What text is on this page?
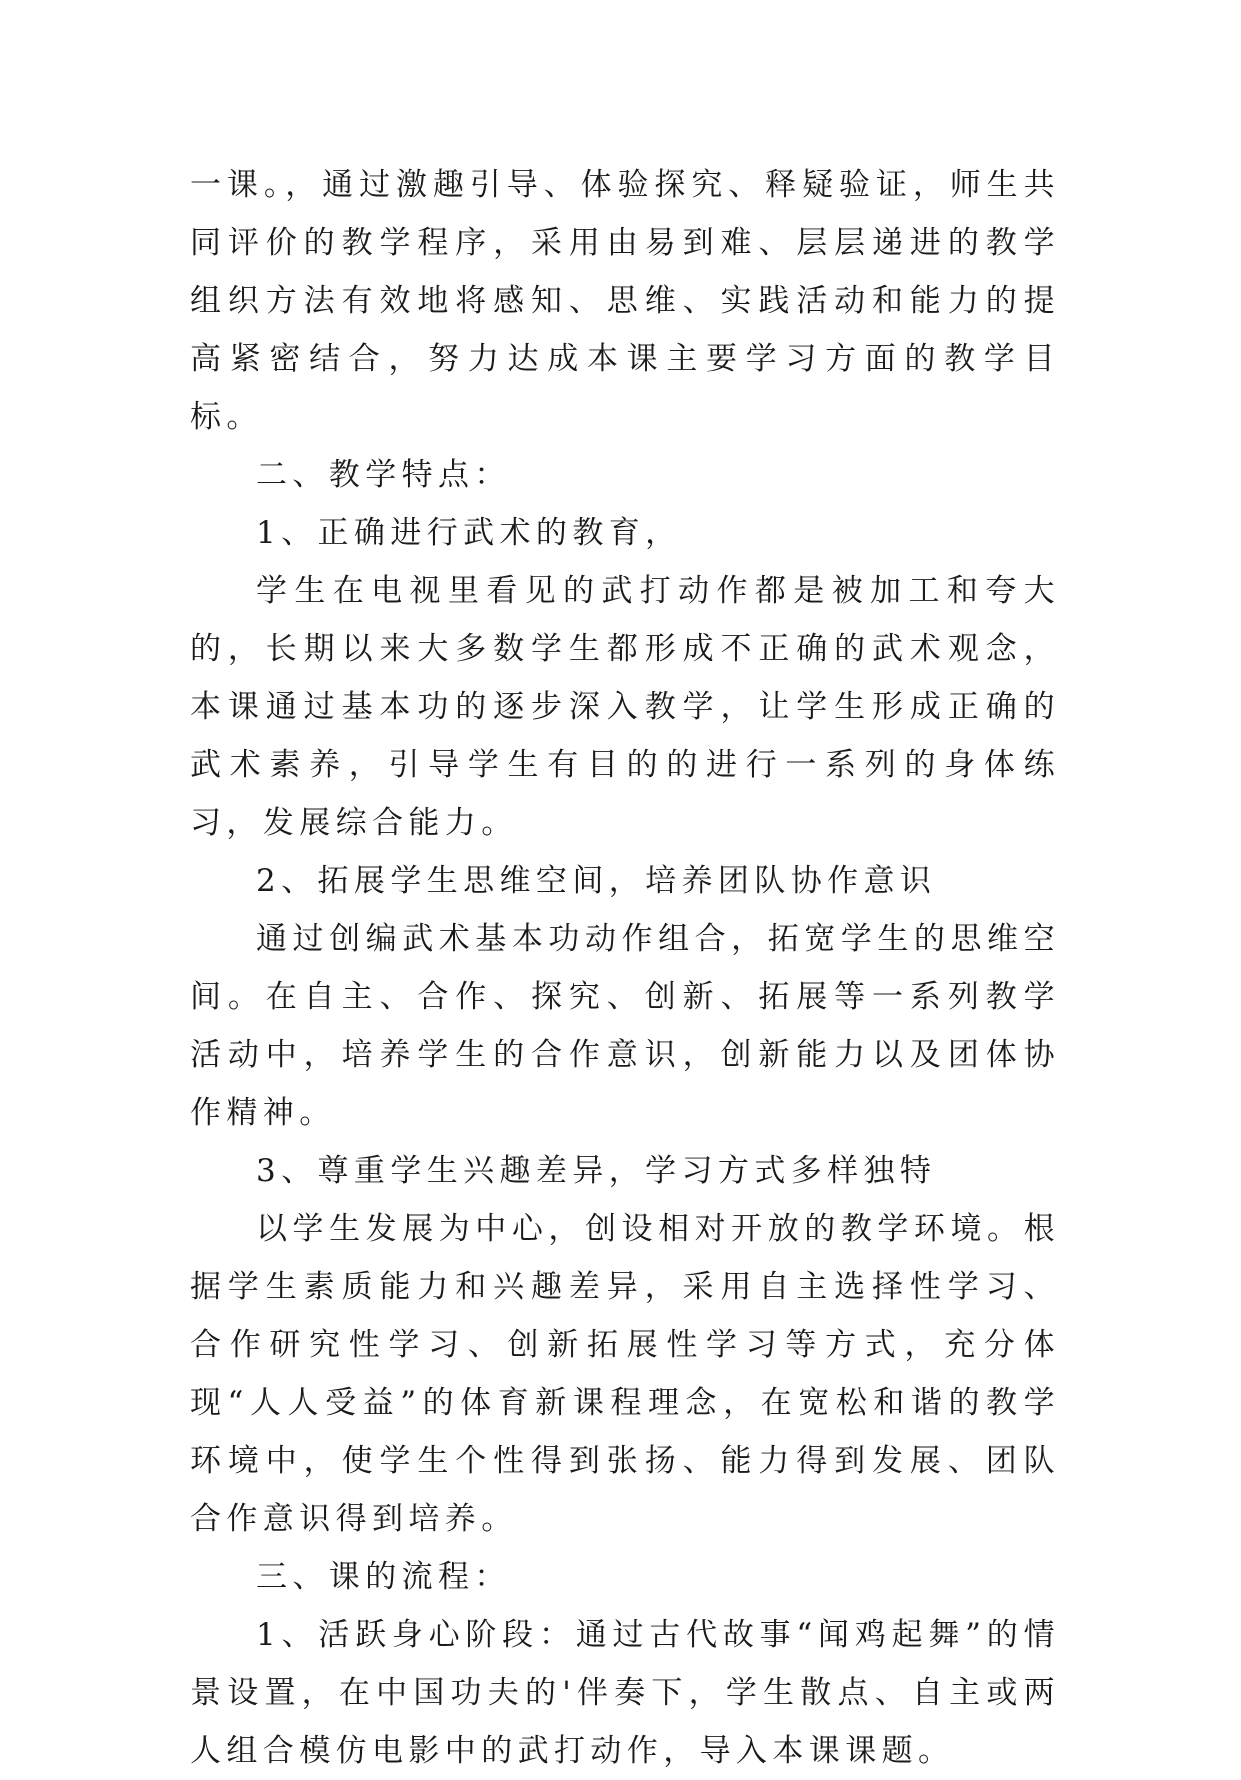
一课。，通过激趣引导、体验探究、释疑验证，师生共同评价的教学程序，采用由易到难、层层递进的教学组织方法有效地将感知、思维、实践活动和能力的提高紧密结合，努力达成本课主要学习方面的教学目标。

二、教学特点：

1、正确进行武术的教育，

学生在电视里看见的武打动作都是被加工和夸大的，长期以来大多数学生都形成不正确的武术观念，本课通过基本功的逐步深入教学，让学生形成正确的武术素养，引导学生有目的的进行一系列的身体练习，发展综合能力。

2、拓展学生思维空间，培养团队协作意识

通过创编武术基本功动作组合，拓宽学生的思维空间。在自主、合作、探究、创新、拓展等一系列教学活动中，培养学生的合作意识，创新能力以及团体协作精神。

3、尊重学生兴趣差异，学习方式多样独特

以学生发展为中心，创设相对开放的教学环境。根据学生素质能力和兴趣差异，采用自主选择性学习、合作研究性学习、创新拓展性学习等方式，充分体现“人人受益”的体育新课程理念，在宽松和谐的教学环境中，使学生个性得到张扬、能力得到发展、团队合作意识得到培养。

三、课的流程：

1、活跃身心阶段：通过古代故事“闻鸡起舞”的情景设置，在中国功夫的'伴奏下，学生散点、自主或两人组合模仿电影中的武打动作，导入本课课题。
